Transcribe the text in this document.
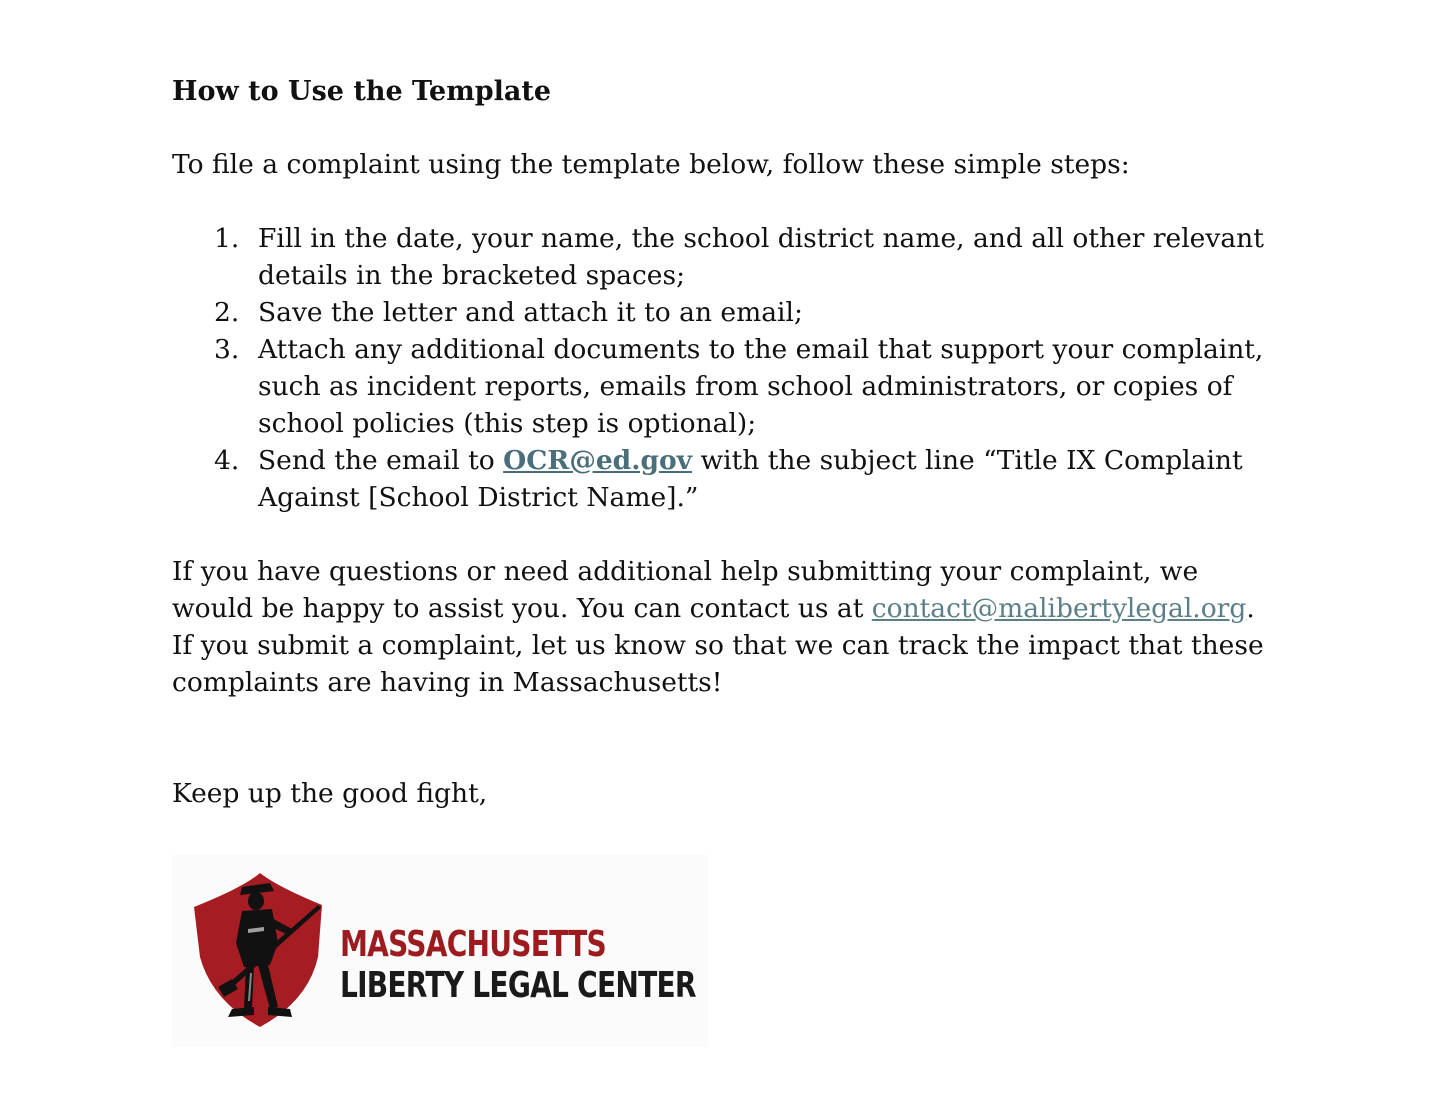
How to Use the Template

To file a complaint using the template below, follow these simple steps:

1. Fill in the date, your name, the school district name, and all other relevant details in the bracketed spaces;
2. Save the letter and attach it to an email;
3. Attach any additional documents to the email that support your complaint, such as incident reports, emails from school administrators, or copies of school policies (this step is optional);
4. Send the email to OCR@ed.gov with the subject line “Title IX Complaint Against [School District Name].”

If you have questions or need additional help submitting your complaint, we would be happy to assist you. You can contact us at contact@malibertylegal.org. If you submit a complaint, let us know so that we can track the impact that these complaints are having in Massachusetts!

Keep up the good fight,

MASSACHUSETTS
LIBERTY LEGAL CENTER
